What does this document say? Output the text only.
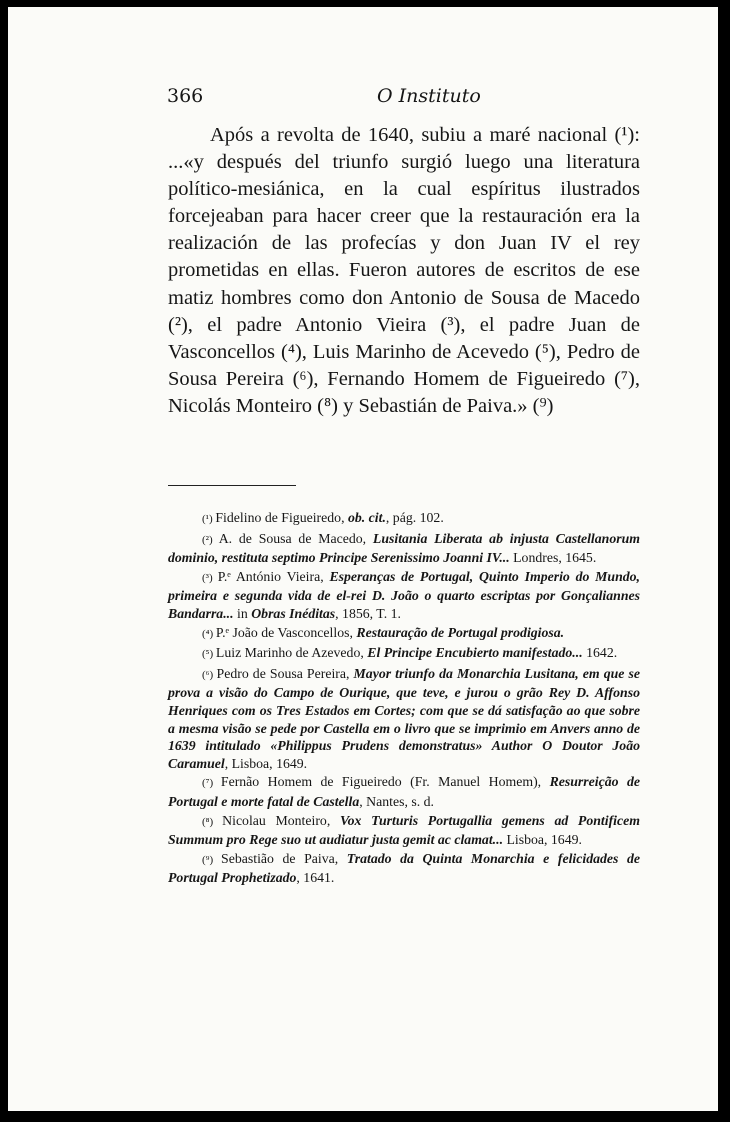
366	O Instituto

Após a revolta de 1640, subiu a maré nacional (¹): ...«y después del triunfo surgió luego una literatura político-mesiánica, en la cual espíritus ilustrados forcejeaban para hacer creer que la restauración era la realización de las profecías y don Juan IV el rey prometidas en ellas. Fueron autores de escritos de ese matiz hombres como don Antonio de Sousa de Macedo (²), el padre Antonio Vieira (³), el padre Juan de Vasconcellos (⁴), Luis Marinho de Acevedo (⁵), Pedro de Sousa Pereira (⁶), Fernando Homem de Figueiredo (⁷), Nicolás Monteiro (⁸) y Sebastián de Paiva.» (⁹)

(¹) Fidelino de Figueiredo, ob. cit., pág. 102.

(²) A. de Sousa de Macedo, Lusitania Liberata ab injusta Castellanorum dominio, restituta septimo Principe Serenissimo Joanni IV... Londres, 1645.

(³) P.ᵉ António Vieira, Esperanças de Portugal, Quinto Imperio do Mundo, primeira e segunda vida de el-rei D. João o quarto escriptas por Gonçaliannes Bandarra... in Obras Inéditas, 1856, T. 1.

(⁴) P.ᵉ João de Vasconcellos, Restauração de Portugal prodigiosa.

(⁵) Luiz Marinho de Azevedo, El Principe Encubierto manifestado... 1642.

(⁶) Pedro de Sousa Pereira, Mayor triunfo da Monarchia Lusitana, em que se prova a visão do Campo de Ourique, que teve, e jurou o grão Rey D. Affonso Henriques com os Tres Estados em Cortes; com que se dá satisfação ao que sobre a mesma visão se pede por Castella em o livro que se imprimio em Anvers anno de 1639 intitulado «Philippus Prudens demonstratus» Author O Doutor João Caramuel, Lisboa, 1649.

(⁷) Fernão Homem de Figueiredo (Fr. Manuel Homem), Resurreição de Portugal e morte fatal de Castella, Nantes, s. d.

(⁸) Nicolau Monteiro, Vox Turturis Portugallia gemens ad Pontificem Summum pro Rege suo ut audiatur justa gemit ac clamat... Lisboa, 1649.

(⁹) Sebastião de Paiva, Tratado da Quinta Monarchia e felicidades de Portugal Prophetizado, 1641.
